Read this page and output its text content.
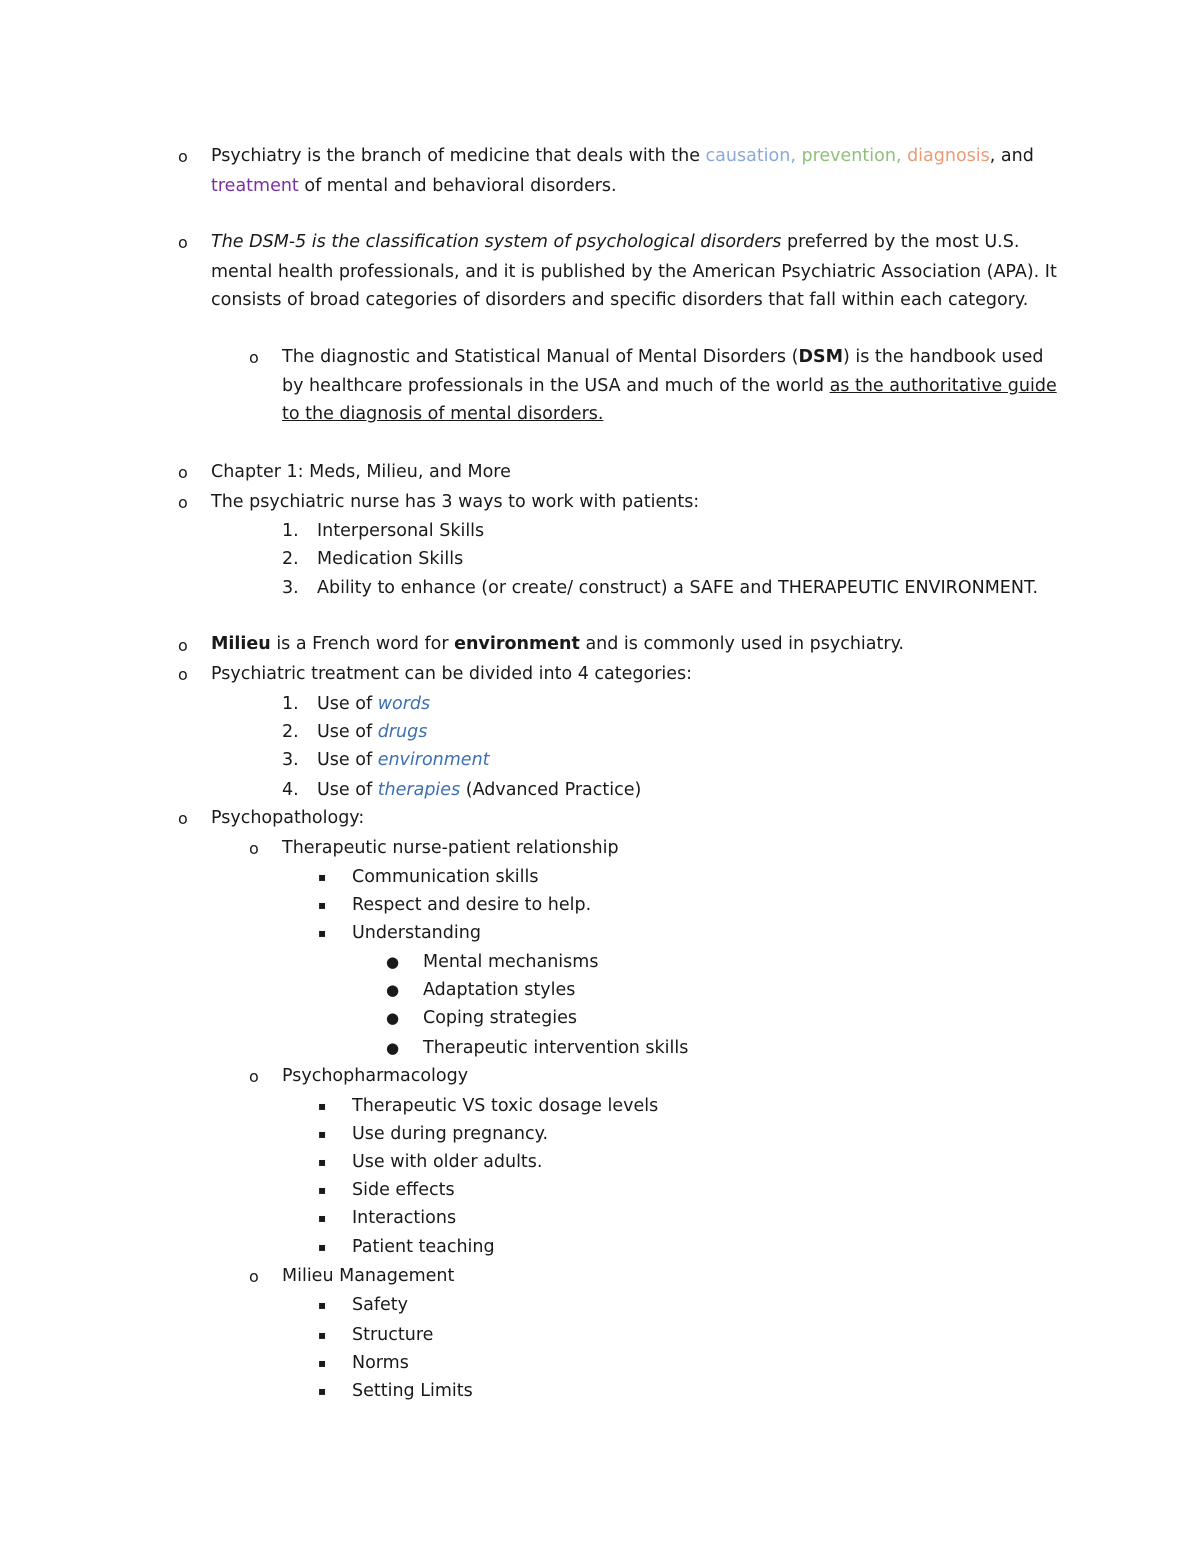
o Psychiatry is the branch of medicine that deals with the causation, prevention, diagnosis, and
treatment of mental and behavioral disorders.
o The DSM-5 is the classification system of psychological disorders preferred by the most U.S.
mental health professionals, and it is published by the American Psychiatric Association (APA). It
consists of broad categories of disorders and specific disorders that fall within each category.
o The diagnostic and Statistical Manual of Mental Disorders (DSM) is the handbook used
by healthcare professionals in the USA and much of the world as the authoritative guide
to the diagnosis of mental disorders.
o Chapter 1: Meds, Milieu, and More
o The psychiatric nurse has 3 ways to work with patients:
1. Interpersonal Skills
2. Medication Skills
3. Ability to enhance (or create/ construct) a SAFE and THERAPEUTIC ENVIRONMENT.
o Milieu is a French word for environment and is commonly used in psychiatry.
o Psychiatric treatment can be divided into 4 categories:
1. Use of words
2. Use of drugs
3. Use of environment
4. Use of therapies (Advanced Practice)
o Psychopathology:
o Therapeutic nurse-patient relationship
▪ Communication skills
▪ Respect and desire to help.
▪ Understanding
● Mental mechanisms
● Adaptation styles
● Coping strategies
● Therapeutic intervention skills
o Psychopharmacology
▪ Therapeutic VS toxic dosage levels
▪ Use during pregnancy.
▪ Use with older adults.
▪ Side effects
▪ Interactions
▪ Patient teaching
o Milieu Management
▪ Safety
▪ Structure
▪ Norms
▪ Setting Limits
